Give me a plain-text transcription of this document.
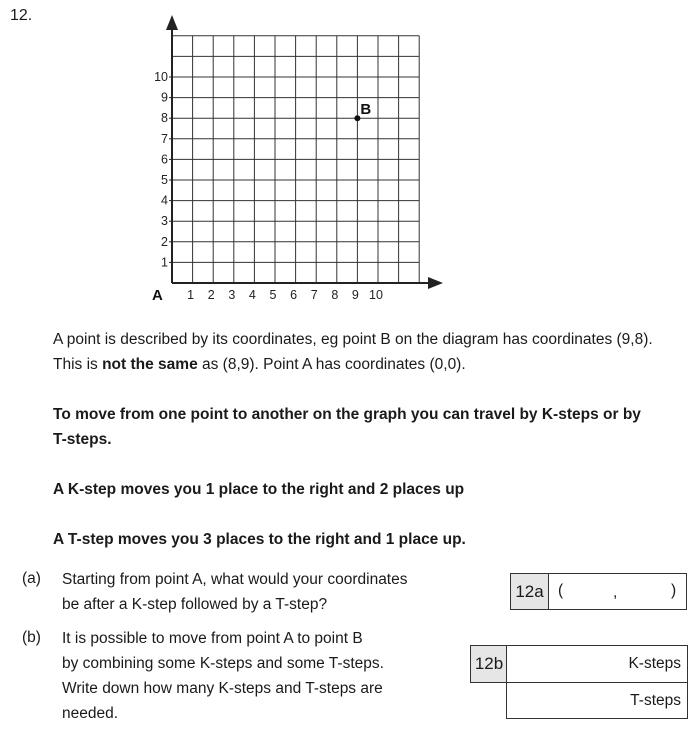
12.
1 2 3 4 5 6 7 8 9 10
1
2
3
4
5
6
7
8
9
10
A
B
A point is described by its coordinates, eg point B on the diagram has coordinates (9,8).
This is not the same as (8,9). Point A has coordinates (0,0).
To move from one point to another on the graph you can travel by K-steps or by
T-steps.
A K-step moves you 1 place to the right and 2 places up
A T-step moves you 3 places to the right and 1 place up.
(a) Starting from point A, what would your coordinates
be after a K-step followed by a T-step?
12a (	,	)
(b) It is possible to move from point A to point B
by combining some K-steps and some T-steps.
Write down how many K-steps and T-steps are
needed.
12b	K-steps
T-steps
